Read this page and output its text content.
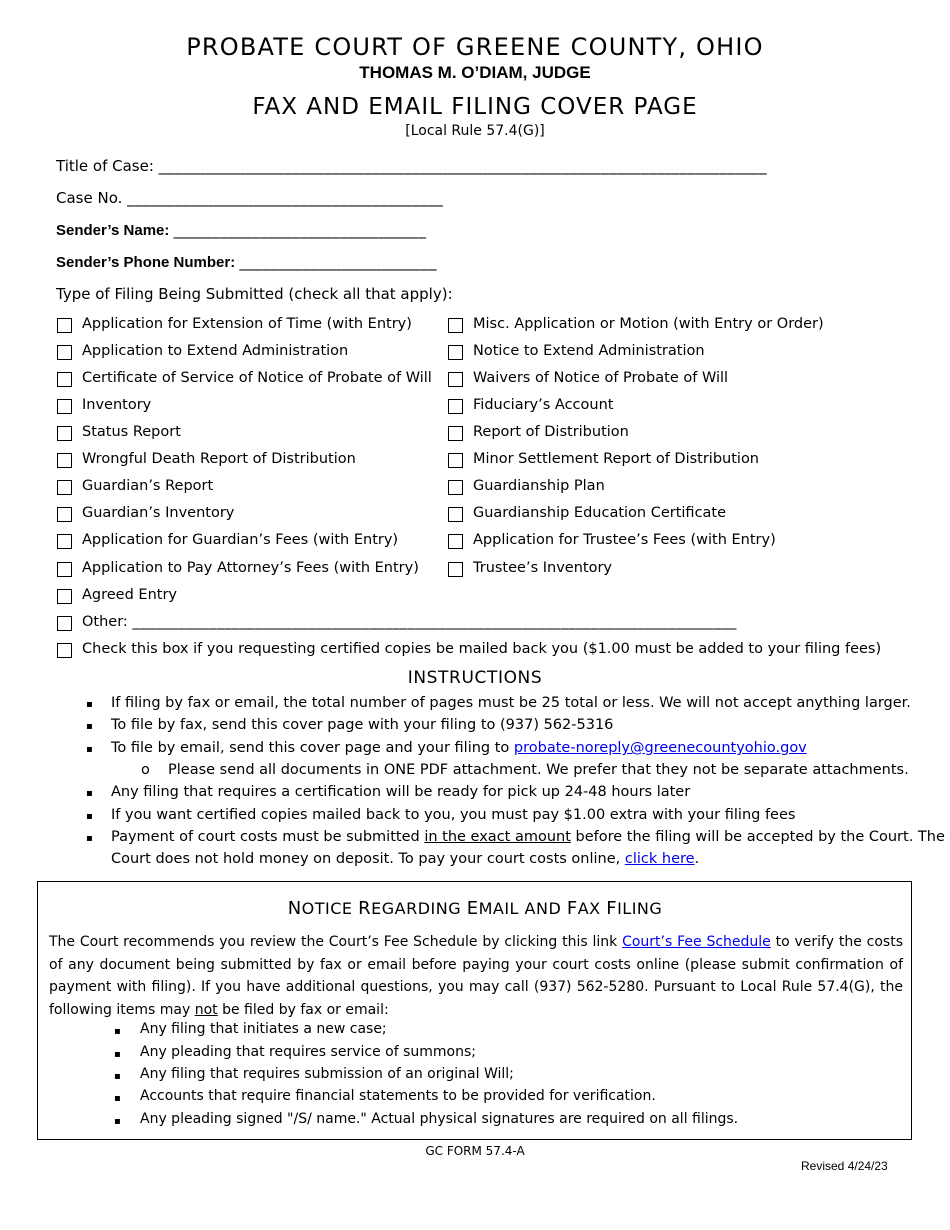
PROBATE COURT OF GREENE COUNTY, OHIO
THOMAS M. O’DIAM, JUDGE
FAX AND EMAIL FILING COVER PAGE
[Local Rule 57.4(G)]
Title of Case: _____________________________________________________________________________
Case No. ________________________________________
Sender’s Name: ________________________________
Sender’s Phone Number: _________________________
Type of Filing Being Submitted (check all that apply):
Application for Extension of Time (with Entry)
Application to Extend Administration
Certificate of Service of Notice of Probate of Will
Inventory
Status Report
Wrongful Death Report of Distribution
Guardian’s Report
Guardian’s Inventory
Application for Guardian’s Fees (with Entry)
Application to Pay Attorney’s Fees (with Entry)
Agreed Entry
Misc. Application or Motion (with Entry or Order)
Notice to Extend Administration
Waivers of Notice of Probate of Will
Fiduciary’s Account
Report of Distribution
Minor Settlement Report of Distribution
Guardianship Plan
Guardianship Education Certificate
Application for Trustee’s Fees (with Entry)
Trustee’s Inventory
Other: _______________________________________________________________________________
Check this box if you requesting certified copies be mailed back you ($1.00 must be added to your filing fees)
INSTRUCTIONS
▪ If filing by fax or email, the total number of pages must be 25 total or less. We will not accept anything larger.
▪ To file by fax, send this cover page with your filing to (937) 562-5316
▪ To file by email, send this cover page and your filing to probate-noreply@greenecountyohio.gov
o Please send all documents in ONE PDF attachment. We prefer that they not be separate attachments.
▪ Any filing that requires a certification will be ready for pick up 24-48 hours later
▪ If you want certified copies mailed back to you, you must pay $1.00 extra with your filing fees
▪ Payment of court costs must be submitted in the exact amount before the filing will be accepted by the Court. The
Court does not hold money on deposit. To pay your court costs online, click here.
NOTICE REGARDING EMAIL AND FAX FILING
The Court recommends you review the Court’s Fee Schedule by clicking this link Court’s Fee Schedule to verify the costs of any document being submitted by fax or email before paying your court costs online (please submit confirmation of payment with filing). If you have additional questions, you may call (937) 562-5280. Pursuant to Local Rule 57.4(G), the following items may not be filed by fax or email:
▪ Any filing that initiates a new case;
▪ Any pleading that requires service of summons;
▪ Any filing that requires submission of an original Will;
▪ Accounts that require financial statements to be provided for verification.
▪ Any pleading signed "/S/ name." Actual physical signatures are required on all filings.
GC FORM 57.4-A
Revised 4/24/23
